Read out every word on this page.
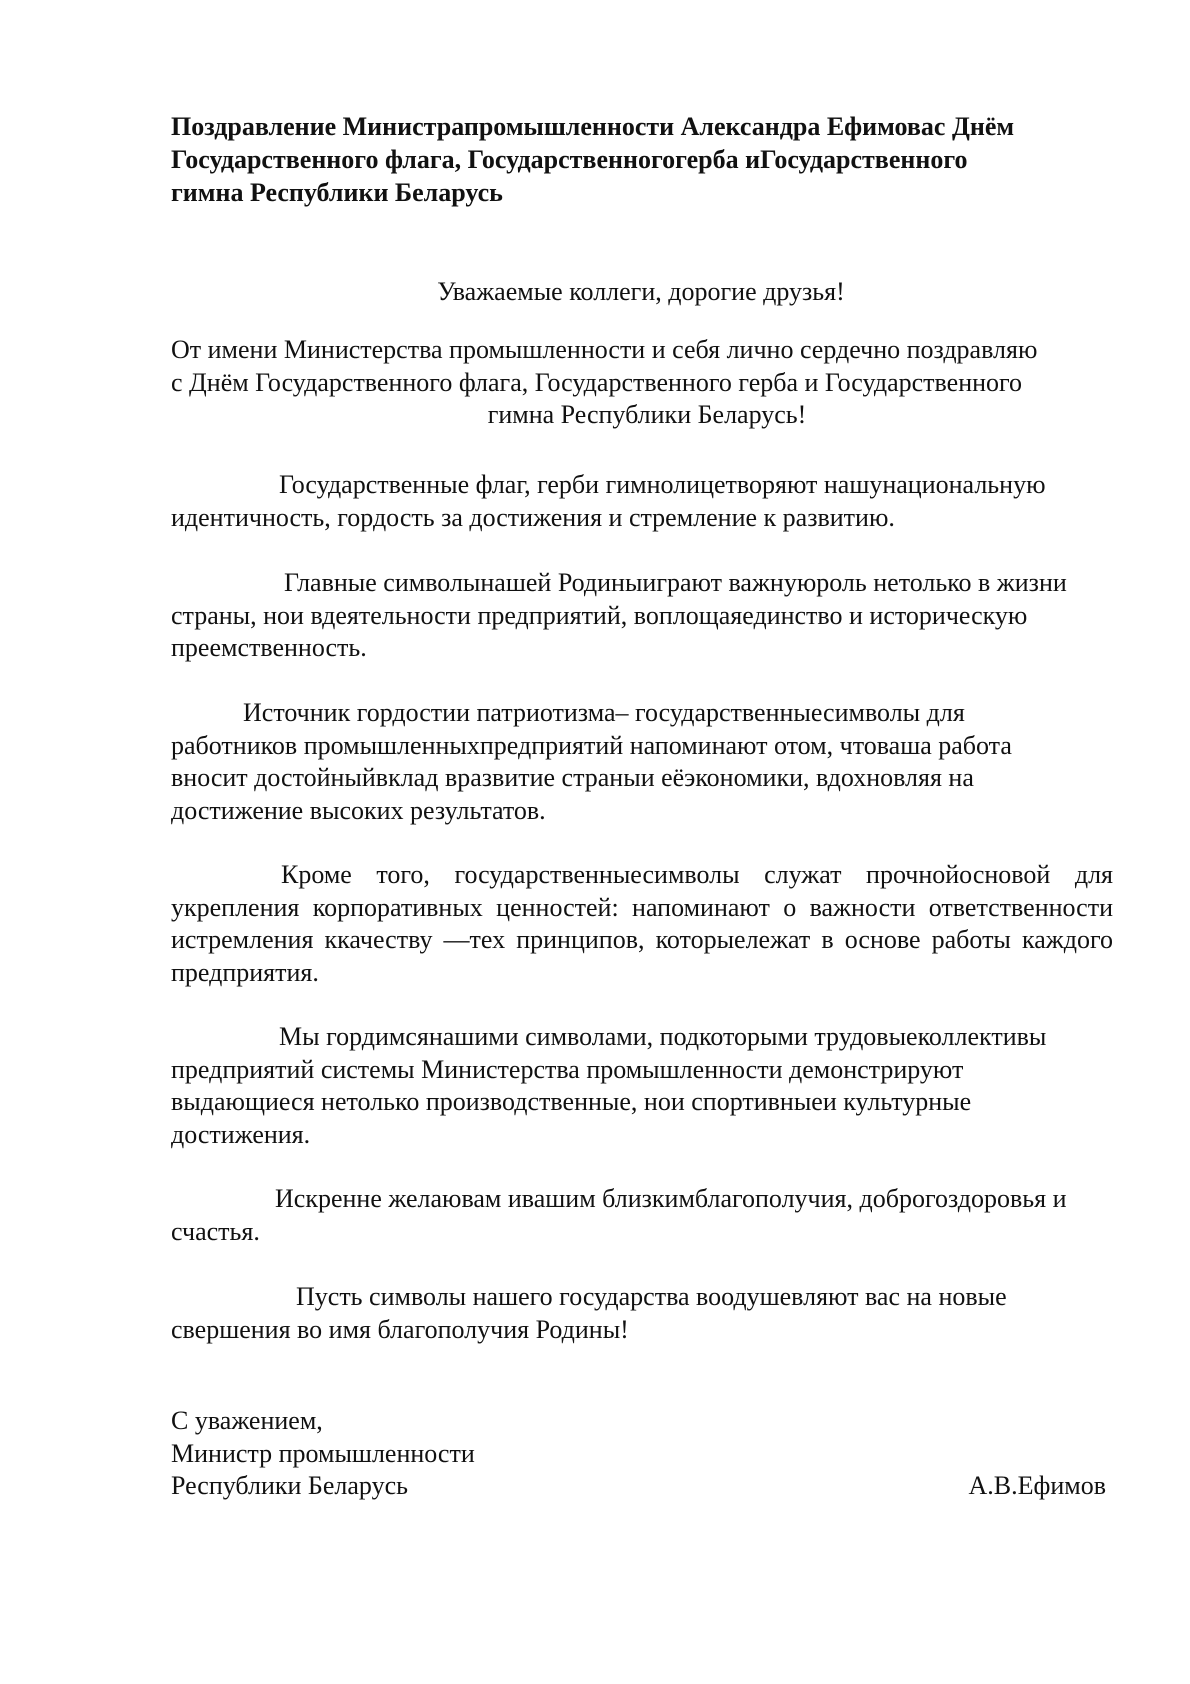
Поздравление Министрапромышленности Александра Ефимовас Днём
Государственного флага, Государственногогерба иГосударственного
гимна Республики Беларусь

Уважаемые коллеги, дорогие друзья!

От имени Министерства промышленности и себя лично сердечно поздравляю
с Днём Государственного флага, Государственного герба и Государственного
гимна Республики Беларусь!

Государственные флаг, герби гимнолицетворяют нашунациональную идентичность, гордость за достижения и стремление к развитию.

Главные символынашей Родиныиграют важнуюроль нетолько в жизни страны, нои вдеятельности предприятий, воплощаяединство и историческую преемственность.

Источник гордостии патриотизма– государственныесимволы для работников промышленныхпредприятий напоминают отом, чтоваша работа вносит достойныйвклад вразвитие страныи еёэкономики, вдохновляя на достижение высоких результатов.

Кроме того, государственныесимволы служат прочнойосновой для укрепления корпоративных ценностей: напоминают о важности ответственности истремления ккачеству —тех принципов, которыележат в основе работы каждого предприятия.

Мы гордимсянашими символами, подкоторыми трудовыеколлективы предприятий системы Министерства промышленности демонстрируют выдающиеся нетолько производственные, нои спортивныеи культурные достижения.

Искренне желаювам ивашим близкимблагополучия, доброгоздоровья и счастья.

Пусть символы нашего государства воодушевляют вас на новые свершения во имя благополучия Родины!

С уважением,
Министр промышленности
Республики Беларусь	А.В.Ефимов
